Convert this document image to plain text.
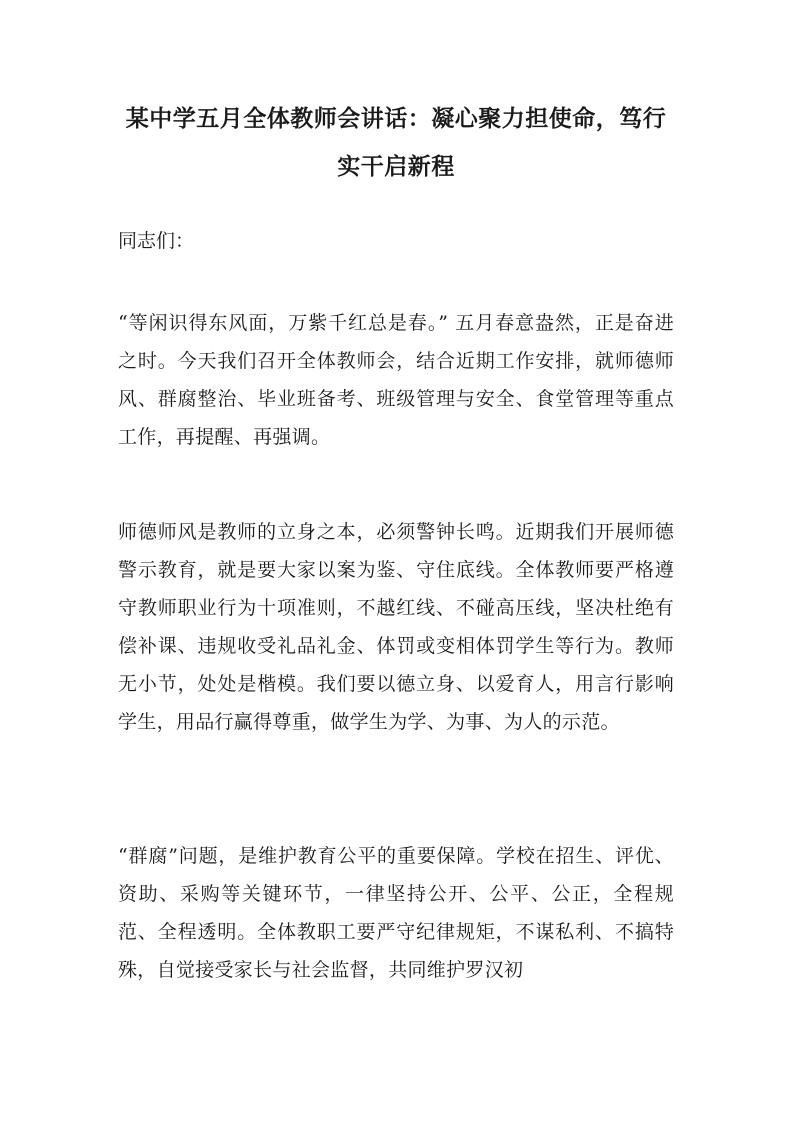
某中学五月全体教师会讲话：凝心聚力担使命，笃行实干启新程

同志们：

“等闲识得东风面，万紫千红总是春。” 五月春意盎然，正是奋进之时。今天我们召开全体教师会，结合近期工作安排，就师德师风、群腐整治、毕业班备考、班级管理与安全、食堂管理等重点工作，再提醒、再强调。

师德师风是教师的立身之本，必须警钟长鸣。近期我们开展师德警示教育，就是要大家以案为鉴、守住底线。全体教师要严格遵守教师职业行为十项准则，不越红线、不碰高压线，坚决杜绝有偿补课、违规收受礼品礼金、体罚或变相体罚学生等行为。教师无小节，处处是楷模。我们要以德立身、以爱育人，用言行影响学生，用品行赢得尊重，做学生为学、为事、为人的示范。

“群腐”问题，是维护教育公平的重要保障。学校在招生、评优、资助、采购等关键环节，一律坚持公开、公平、公正，全程规范、全程透明。全体教职工要严守纪律规矩，不谋私利、不搞特殊，自觉接受家长与社会监督，共同维护罗汉初
